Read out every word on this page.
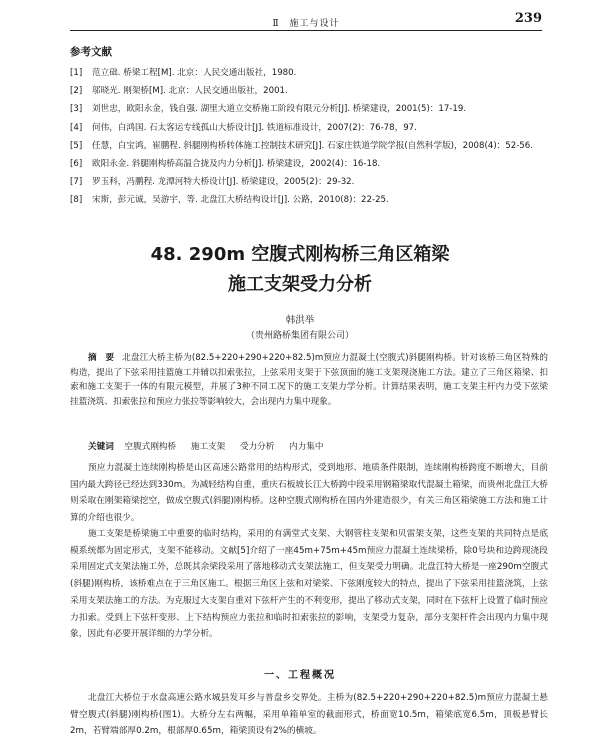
Ⅱ　施工与设计	239
参考文献
[1]	范立础. 桥梁工程[M]. 北京：人民交通出版社，1980.
[2]	邬晓光. 刚架桥[M]. 北京：人民交通出版社，2001.
[3]	刘世忠，欧阳永金，钱自强. 湖里大道立交桥施工阶段有限元分析[J]. 桥梁建设，2001(5)：17-19.
[4]	何伟，白鸿国. 石太客运专线孤山大桥设计[J]. 铁道标准设计，2007(2)：76-78，97.
[5]	任慧，白宝鸿，崔鹏程. 斜腿刚构桥转体施工控制技术研究[J]. 石家庄铁道学院学报(自然科学版)，2008(4)：52-56.
[6]	欧阳永金. 斜腿刚构桥高温合拢及内力分析[J]. 桥梁建设，2002(4)：16-18.
[7]	罗玉科，冯鹏程. 龙潭河特大桥设计[J]. 桥梁建设，2005(2)：29-32.
[8]	宋斯，彭元诚，吴游宇，等. 北盘江大桥结构设计[J]. 公路，2010(8)：22-25.
48. 290m 空腹式刚构桥三角区箱梁
施工支架受力分析
韩洪举
（贵州路桥集团有限公司）
摘　要 北盘江大桥主桥为(82.5+220+290+220+82.5)m预应力混凝土(空腹式)斜腿刚构桥。针对该桥三角区特殊的构造，提出了下弦采用挂篮施工并辅以扣索张拉，上弦采用支架于下弦顶面的施工支架现浇施工方法。建立了三角区箱梁、扣索和施工支架于一体的有限元模型，并展了3种不同工况下的施工支架力学分析。计算结果表明，施工支架主杆内力受下弦梁挂篮浇筑、扣索张拉和预应力张拉等影响较大，会出现内力集中现象。
关键词 空腹式刚构桥 施工支架 受力分析 内力集中
预应力混凝土连续刚构桥是山区高速公路常用的结构形式，受到地形、地质条件限制，连续刚构桥跨度不断增大，目前国内最大跨径已经达到330m。为减轻结构自重，重庆石板坡长江大桥跨中段采用钢箱梁取代混凝土箱梁，而贵州北盘江大桥则采取在刚架箱梁挖空，做成空腹式(斜腿)刚构桥。这种空腹式刚构桥在国内外建造很少，有关三角区箱梁施工方法和施工计算的介绍也很少。
施工支架是桥梁施工中重要的临时结构，采用的有满堂式支架、大钢管柱支架和贝雷架支架，这些支架的共同特点是底模系统都为固定形式，支架不能移动。文献[5]介绍了一座45m+75m+45m预应力混凝土连续梁桥，除0号块和边跨现浇段采用固定式支架法施工外，总既其余梁段采用了落地移动式支架法施工，但支架受力明确。北盘江特大桥是一座290m空腹式(斜腿)刚构桥，该桥难点在于三角区施工。根据三角区上弦和对梁桨、下弦刚度较大的特点，提出了下弦采用挂篮浇筑，上弦采用支架法施工的方法。为克服过大支架自重对下弦杆产生的不利变形，提出了移动式支架，同时在下弦杆上设置了临时预应力扣索。受到上下弦杆变形、上下结构预应力张拉和临时扣索张拉的影响，支架受力复杂，部分支架杆件会出现内力集中现象，因此有必要开展详细的力学分析。
一、工程概况
北盘江大桥位于水盘高速公路水城县发耳乡与普盘乡交界处。主桥为(82.5+220+290+220+82.5)m预应力混凝土悬臂空腹式(斜腿)刚构桥(图1)。大桥分左右两幅，采用单箱单室的截面形式，桥面宽10.5m，箱梁底宽6.5m，顶板悬臂长2m，若臂端部厚0.2m，根部厚0.65m，箱梁顶设有2%的横坡。
